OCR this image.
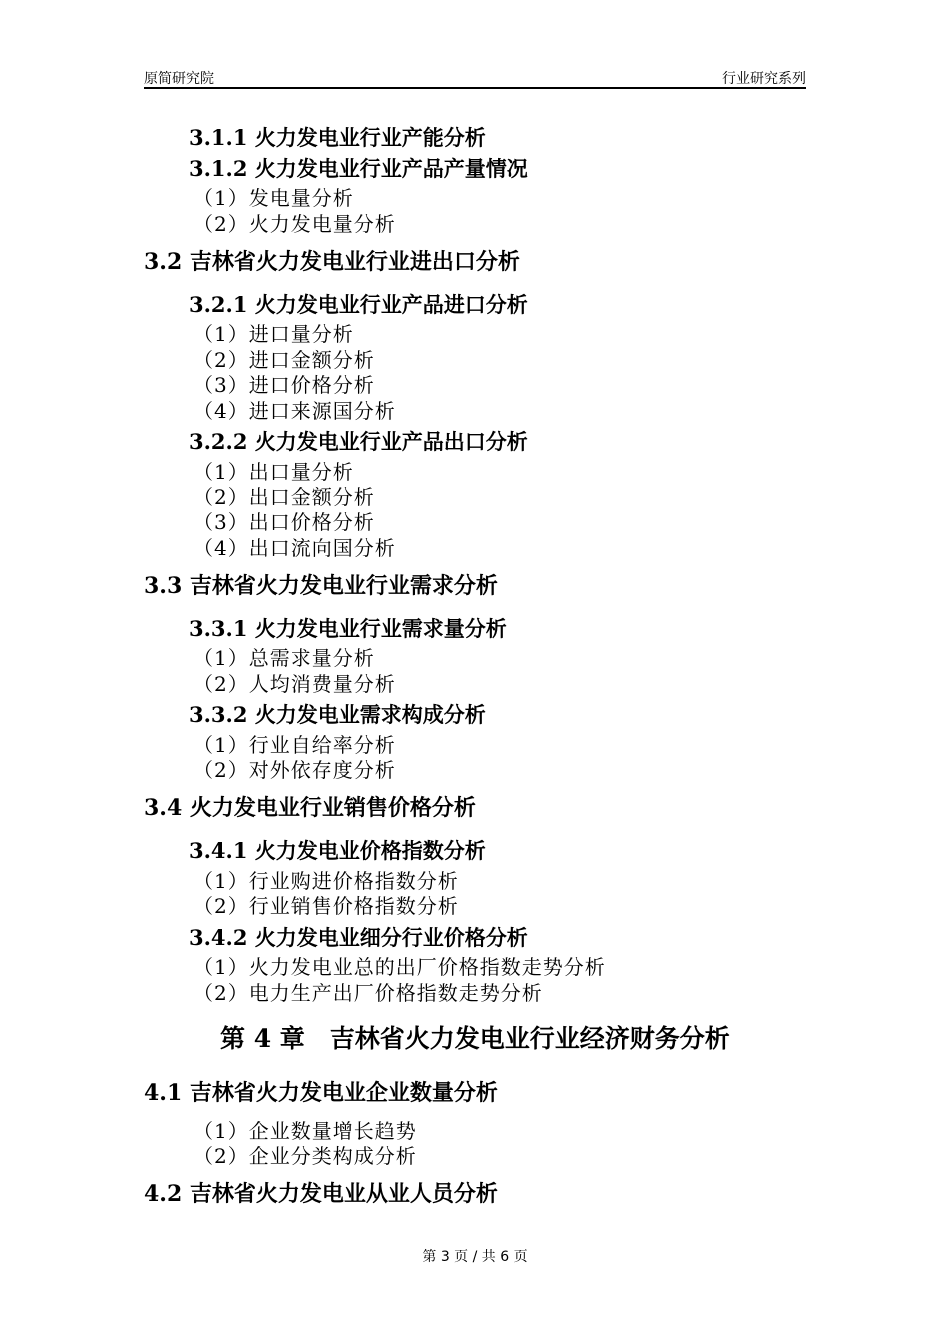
原简研究院	行业研究系列
3.1.1 火力发电业行业产能分析
3.1.2 火力发电业行业产品产量情况
（1）发电量分析
（2）火力发电量分析
3.2 吉林省火力发电业行业进出口分析
3.2.1 火力发电业行业产品进口分析
（1）进口量分析
（2）进口金额分析
（3）进口价格分析
（4）进口来源国分析
3.2.2 火力发电业行业产品出口分析
（1）出口量分析
（2）出口金额分析
（3）出口价格分析
（4）出口流向国分析
3.3 吉林省火力发电业行业需求分析
3.3.1 火力发电业行业需求量分析
（1）总需求量分析
（2）人均消费量分析
3.3.2 火力发电业需求构成分析
（1）行业自给率分析
（2）对外依存度分析
3.4 火力发电业行业销售价格分析
3.4.1 火力发电业价格指数分析
（1）行业购进价格指数分析
（2）行业销售价格指数分析
3.4.2 火力发电业细分行业价格分析
（1）火力发电业总的出厂价格指数走势分析
（2）电力生产出厂价格指数走势分析
第 4 章　吉林省火力发电业行业经济财务分析
4.1 吉林省火力发电业企业数量分析
（1）企业数量增长趋势
（2）企业分类构成分析
4.2 吉林省火力发电业从业人员分析
第 3 页 / 共 6 页
